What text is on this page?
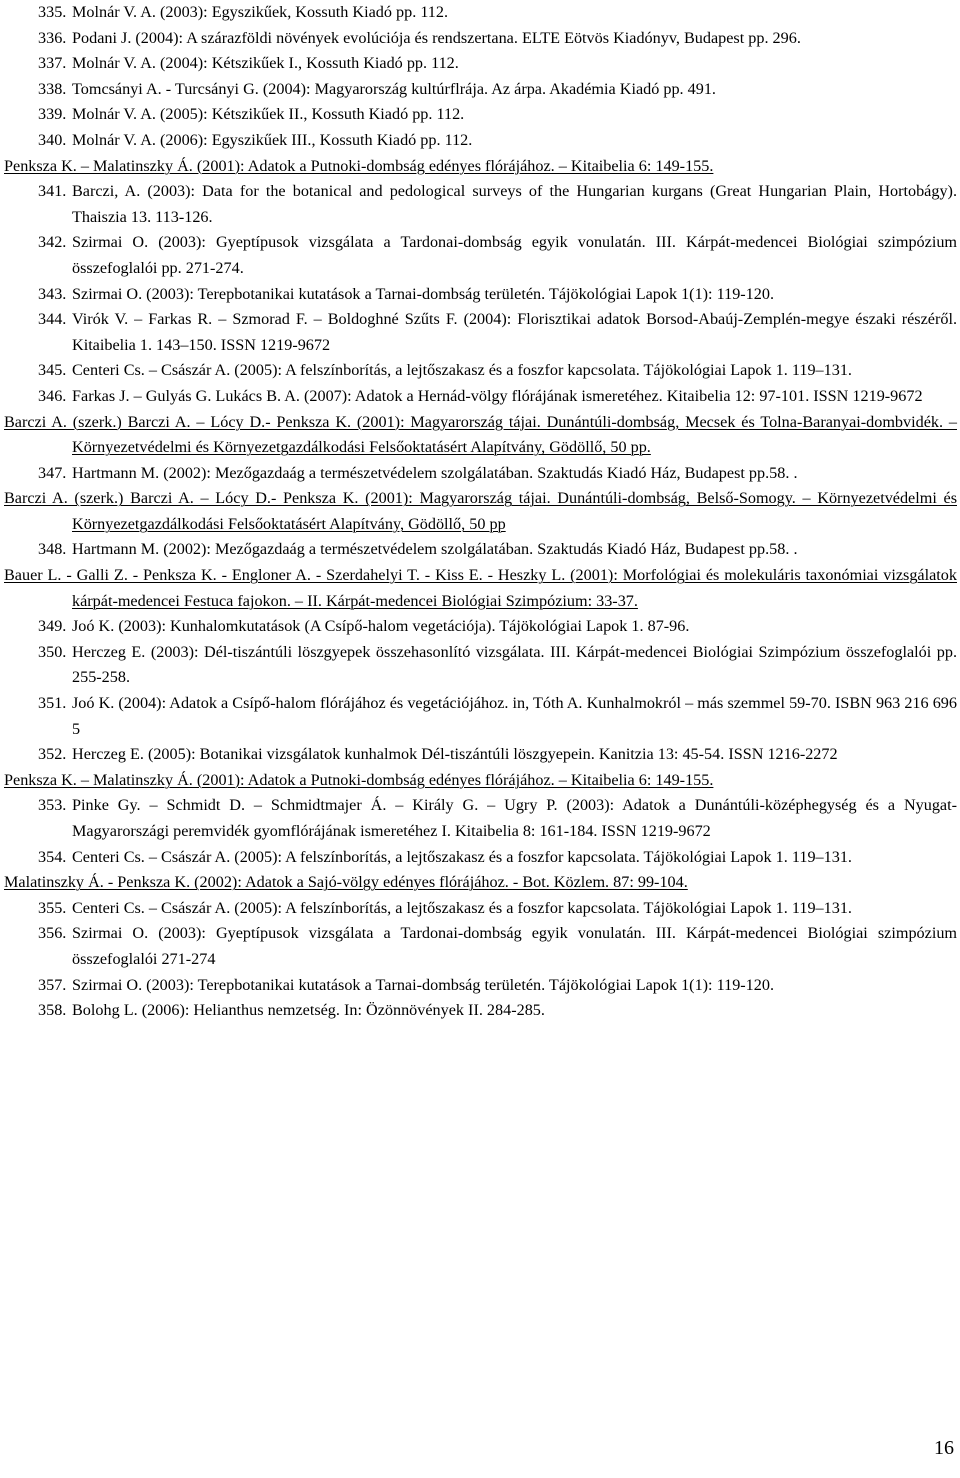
335. Molnár V. A. (2003): Egyszikűek, Kossuth Kiadó pp. 112.
336. Podani J. (2004): A szárazföldi növények evolúciója és rendszertana. ELTE Eötvös Kiadónyv, Budapest pp. 296.
337. Molnár V. A. (2004): Kétszikűek I., Kossuth Kiadó pp. 112.
338. Tomcsányi A. - Turcsányi G. (2004): Magyarország kultúrflrája. Az árpa. Akadémia Kiadó pp. 491.
339. Molnár V. A. (2005): Kétszikűek II., Kossuth Kiadó pp. 112.
340. Molnár V. A. (2006): Egyszikűek III., Kossuth Kiadó pp. 112.
Penksza K. – Malatinszky Á. (2001): Adatok a Putnoki-dombság edényes flórájához. – Kitaibelia 6: 149-155.
341. Barczi, A. (2003): Data for the botanical and pedological surveys of the Hungarian kurgans (Great Hungarian Plain, Hortobágy). Thaiszia 13. 113-126.
342. Szirmai O. (2003): Gyeptípusok vizsgálata a Tardonai-dombság egyik vonulatán. III. Kárpát-medencei Biológiai szimpózium összefoglalói pp. 271-274.
343. Szirmai O. (2003): Terepbotanikai kutatások a Tarnai-dombság területén. Tájökológiai Lapok 1(1): 119-120.
344. Virók V. – Farkas R. – Szmorad F. – Boldoghné Szűts F. (2004): Florisztikai adatok Borsod-Abaúj-Zemplén-megye északi részéről. Kitaibelia 1. 143–150. ISSN 1219-9672
345. Centeri Cs. – Császár A. (2005): A felszínborítás, a lejtőszakasz és a foszfor kapcsolata. Tájökológiai Lapok 1. 119–131.
346. Farkas J. – Gulyás G. Lukács B. A. (2007): Adatok a Hernád-völgy flórájának ismeretéhez. Kitaibelia 12: 97-101. ISSN 1219-9672
Barczi A. (szerk.) Barczi A. – Lócy D.- Penksza K. (2001): Magyarország tájai. Dunántúli-dombság, Mecsek és Tolna-Baranyai-dombvidék. – Környezetvédelmi és Környezetgazdálkodási Felsőoktatásért Alapítvány, Gödöllő, 50 pp.
347. Hartmann M. (2002): Mezőgazdaág a természetvédelem szolgálatában. Szaktudás Kiadó Ház, Budapest pp.58. .
Barczi A. (szerk.) Barczi A. – Lócy D.- Penksza K. (2001): Magyarország tájai. Dunántúli-dombság, Belső-Somogy. – Környezetvédelmi és Környezetgazdálkodási Felsőoktatásért Alapítvány, Gödöllő, 50 pp
348. Hartmann M. (2002): Mezőgazdaág a természetvédelem szolgálatában. Szaktudás Kiadó Ház, Budapest pp.58. .
Bauer L. - Galli Z. - Penksza K. - Engloner A. - Szerdahelyi T. - Kiss E. - Heszky L. (2001): Morfológiai és molekuláris taxonómiai vizsgálatok kárpát-medencei Festuca fajokon. – II. Kárpát-medencei Biológiai Szimpózium: 33-37.
349. Joó K. (2003): Kunhalomkutatások (A Csípő-halom vegetációja). Tájökológiai Lapok 1. 87-96.
350. Herczeg E. (2003): Dél-tiszántúli löszgyepek összehasonlító vizsgálata. III. Kárpát-medencei Biológiai Szimpózium összefoglalói pp. 255-258.
351. Joó K. (2004): Adatok a Csípő-halom flórájához és vegetációjához. in, Tóth A. Kunhalmokról – más szemmel 59-70. ISBN 963 216 696 5
352. Herczeg E. (2005): Botanikai vizsgálatok kunhalmok Dél-tiszántúli löszgyepein. Kanitzia 13: 45-54. ISSN 1216-2272
Penksza K. – Malatinszky Á. (2001): Adatok a Putnoki-dombság edényes flórájához. – Kitaibelia 6: 149-155.
353. Pinke Gy. – Schmidt D. – Schmidtmajer Á. – Király G. – Ugry P. (2003): Adatok a Dunántúli-középhegység és a Nyugat-Magyarországi peremvidék gyomflórájának ismeretéhez I. Kitaibelia 8: 161-184. ISSN 1219-9672
354. Centeri Cs. – Császár A. (2005): A felszínborítás, a lejtőszakasz és a foszfor kapcsolata. Tájökológiai Lapok 1. 119–131.
Malatinszky Á. - Penksza K. (2002): Adatok a Sajó-völgy edényes flórájához. - Bot. Közlem. 87: 99-104.
355. Centeri Cs. – Császár A. (2005): A felszínborítás, a lejtőszakasz és a foszfor kapcsolata. Tájökológiai Lapok 1. 119–131.
356. Szirmai O. (2003): Gyeptípusok vizsgálata a Tardonai-dombság egyik vonulatán. III. Kárpát-medencei Biológiai szimpózium összefoglalói 271-274
357. Szirmai O. (2003): Terepbotanikai kutatások a Tarnai-dombság területén. Tájökológiai Lapok 1(1): 119-120.
358. Bolohg L. (2006): Helianthus nemzetség. In: Özönnövények II. 284-285.
16
